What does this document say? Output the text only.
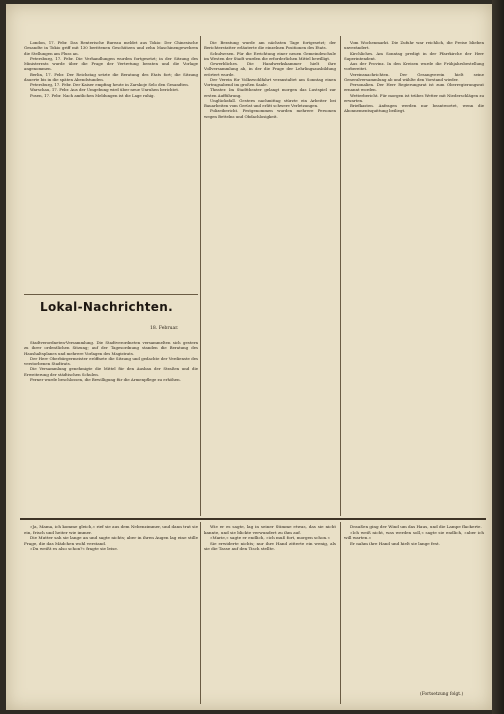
London, 17. Febr. Das Renterische Bureau meldet aus Tokio: Der Chinesische Gesandte in Tokio griff mit 130 berittenen Geschützen und zehn Maschinengewehren die Stellungen am Fluss an.

Petersburg, 17. Febr. Die Verhandlungen wurden fortgesetzt; in der Sitzung des Ministerrats wurde über die Frage der Vertretung beraten und die Vorlage angenommen.

Berlin, 17. Febr. Der Reichstag setzte die Beratung des Etats fort; die Sitzung dauerte bis in die späten Abendstunden.

Petersburg, 17. Febr. Der Kaiser empfing heute in Zarskoje Selo den Gesandten.

Warschau, 17. Febr. Aus der Umgebung wird über neue Unruhen berichtet.

Posen, 17. Febr. Nach amtlichen Meldungen ist die Lage ruhig.

Lokal-Nachrichten.
18. Februar.

Stadtverordneten-Versammlung. Die Stadtverordneten versammelten sich gestern zu ihrer ordentlichen Sitzung; auf der Tagesordnung standen die Beratung des Haushaltsplanes und mehrere Vorlagen des Magistrats.

Der Herr Oberbürgermeister eröffnete die Sitzung und gedachte der Verdienste des verstorbenen Stadtrats.

Die Versammlung genehmigte die Mittel für den Ausbau der Straßen und die Erweiterung der städtischen Schulen.

Ferner wurde beschlossen, die Bewilligung für die Armenpflege zu erhöhen.

Die Beratung wurde am nächsten Tage fortgesetzt; der Berichterstatter erläuterte die einzelnen Positionen des Etats.

Schulwesen. Für die Errichtung einer neuen Gemeindeschule im Westen der Stadt wurden die erforderlichen Mittel bewilligt.

Gewerbliches. Die Handwerkskammer hielt ihre Vollversammlung ab, in der die Frage der Lehrlingsausbildung erörtert wurde.

Der Verein für Volkswohlfahrt veranstaltet am Sonntag einen Vortragsabend im großen Saale.

Theater. Im Stadttheater gelangt morgen das Lustspiel zur ersten Aufführung.

Unglücksfall. Gestern nachmittag stürzte ein Arbeiter bei Bauarbeiten vom Gerüst und erlitt schwere Verletzungen.

Polizeibericht. Festgenommen wurden mehrere Personen wegen Bettelns und Obdachlosigkeit.

Vom Wochenmarkt. Die Zufuhr war reichlich, die Preise blieben unverändert.

Kirchliches. Am Sonntag predigt in der Pfarrkirche der Herr Superintendent.

Aus der Provinz. In den Kreisen wurde die Frühjahrsbestellung vorbereitet.

Vereinsnachrichten. Der Gesangverein hielt seine Generalversammlung ab und wählte den Vorstand wieder.

Personalien. Der Herr Regierungsrat ist zum Oberregierungsrat ernannt worden.

Wetterbericht. Für morgen ist trübes Wetter mit Niederschlägen zu erwarten.

Briefkasten. Anfragen werden nur beantwortet, wenn die Abonnementsquittung beiliegt.

»Ja, Mama, ich komme gleich,« rief sie aus dem Nebenzimmer, und dann trat sie ein, frisch und heiter wie immer.

Die Mutter sah sie lange an und sagte nichts; aber in ihren Augen lag eine stille Frage, die das Mädchen wohl verstand.

»Du weißt es also schon?« fragte sie leise.

Wie er es sagte, lag in seiner Stimme etwas, das sie nicht kannte, und sie blickte verwundert zu ihm auf.

»Marie,« sagte er endlich, »ich muß fort, morgen schon.«

Sie erwiderte nichts; nur ihre Hand zitterte ein wenig, als sie die Tasse auf den Tisch stellte.

Draußen ging der Wind um das Haus, und die Lampe flackerte.

»Ich weiß nicht, was werden soll,« sagte sie endlich, »aber ich will warten.«

Er nahm ihre Hand und hielt sie lange fest.

(Fortsetzung folgt.)
